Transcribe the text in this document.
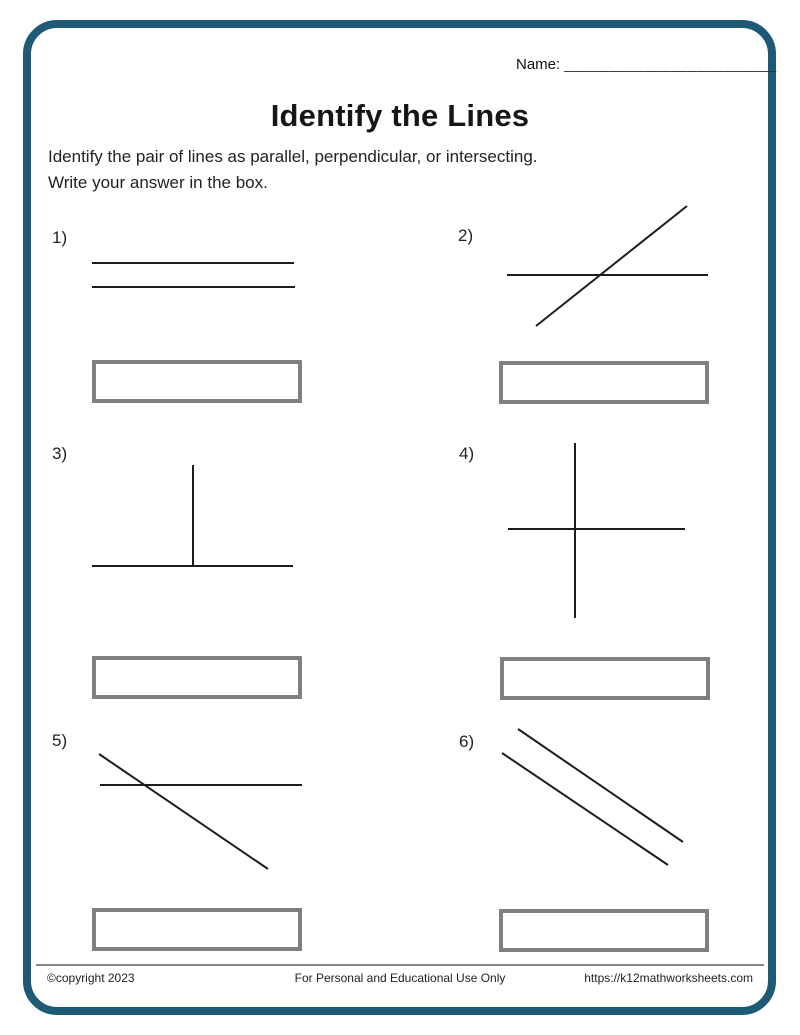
Name: ________________________
Identify the Lines
Identify the pair of lines as parallel, perpendicular, or intersecting.
Write your answer in the box.
1)	2)
3)	4)
5)	6)
©copyright 2023	For Personal and Educational Use Only	https://k12mathworksheets.com
